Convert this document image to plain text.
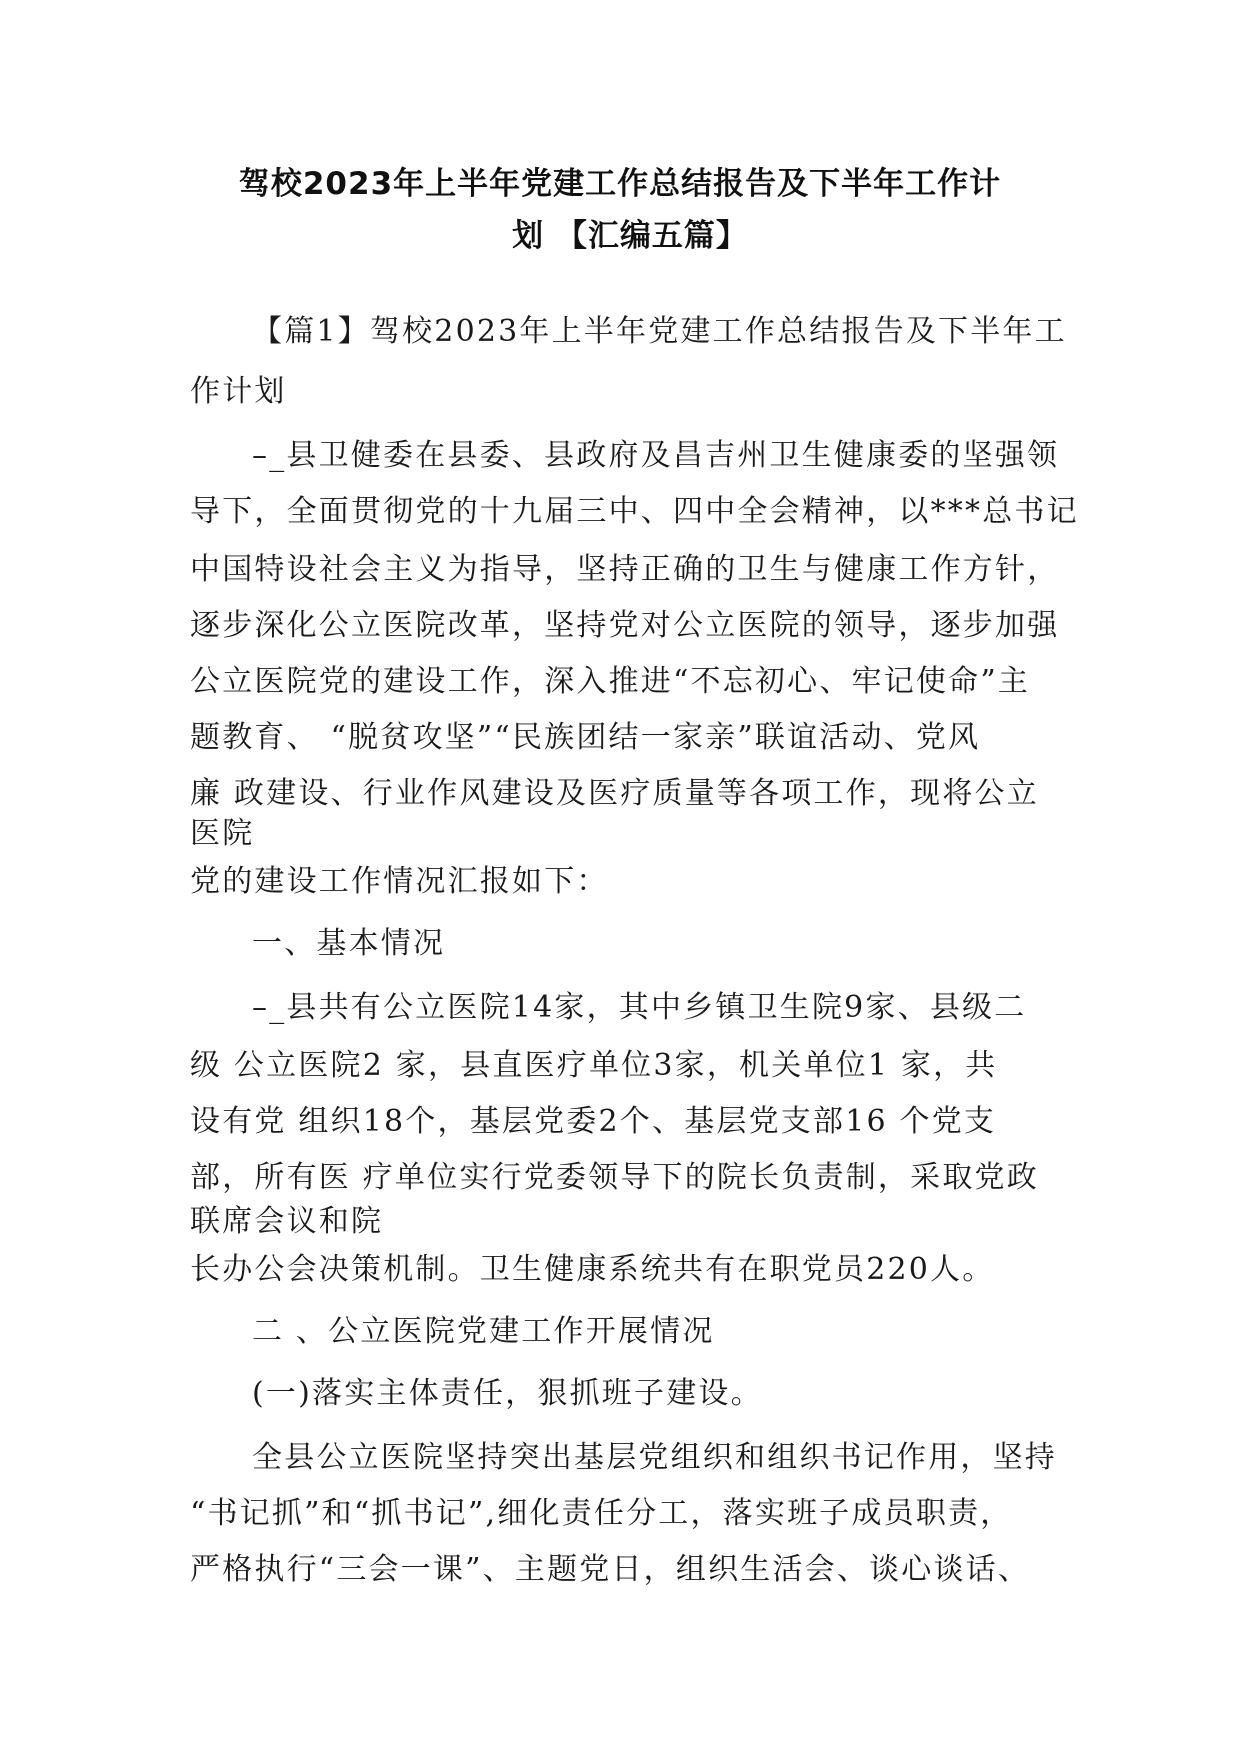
驾校2023年上半年党建工作总结报告及下半年工作计
划 【汇编五篇】

【篇1】驾校2023年上半年党建工作总结报告及下半年工

作计划

–_县卫健委在县委、县政府及昌吉州卫生健康委的坚强领

导下，全面贯彻党的十九届三中、四中全会精神，以***总书记

中国特设社会主义为指导，坚持正确的卫生与健康工作方针，

逐步深化公立医院改革，坚持党对公立医院的领导，逐步加强

公立医院党的建设工作，深入推进“不忘初心、牢记使命”主

题教育、 “脱贫攻坚”“民族团结一家亲”联谊活动、党风

廉 政建设、行业作风建设及医疗质量等各项工作，现将公立

医院

党的建设工作情况汇报如下：

一、基本情况

–_县共有公立医院14家，其中乡镇卫生院9家、县级二

级 公立医院2 家，县直医疗单位3家，机关单位1 家，共

设有党 组织18个，基层党委2个、基层党支部16 个党支

部，所有医 疗单位实行党委领导下的院长负责制，采取党政

联席会议和院

长办公会决策机制。卫生健康系统共有在职党员220人。

二 、公立医院党建工作开展情况

(一)落实主体责任，狠抓班子建设。

全县公立医院坚持突出基层党组织和组织书记作用，坚持

“书记抓”和“抓书记”,细化责任分工，落实班子成员职责，

严格执行“三会一课”、主题党日，组织生活会、谈心谈话、
